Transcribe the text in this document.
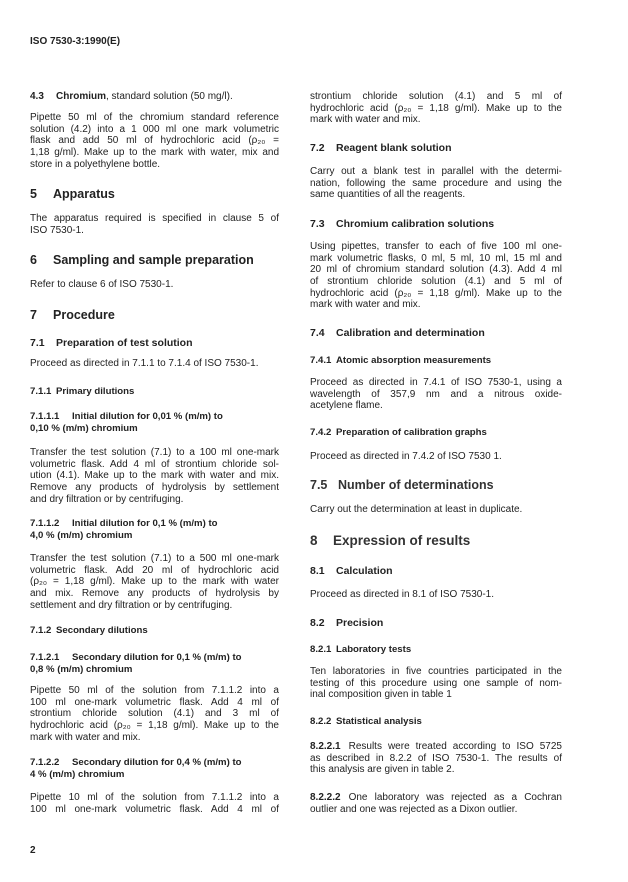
ISO 7530-3:1990(E)
4.3 Chromium, standard solution (50 mg/l).
Pipette 50 ml of the chromium standard reference
solution (4.2) into a 1 000 ml one mark volumetric
flask and add 50 ml of hydrochloric acid (ρ₂₀ =
1,18 g/ml). Make up to the mark with water, mix and
store in a polyethylene bottle.
5 Apparatus
The apparatus required is specified in clause 5 of
ISO 7530-1.
6 Sampling and sample preparation
Refer to clause 6 of ISO 7530-1.
7 Procedure
7.1 Preparation of test solution
Proceed as directed in 7.1.1 to 7.1.4 of ISO 7530-1.
7.1.1 Primary dilutions
7.1.1.1 Initial dilution for 0,01 % (m/m) to
0,10 % (m/m) chromium
Transfer the test solution (7.1) to a 100 ml one-mark
volumetric flask. Add 4 ml of strontium chloride sol-
ution (4.1). Make up to the mark with water and mix.
Remove any products of hydrolysis by settlement
and dry filtration or by centrifuging.
7.1.1.2 Initial dilution for 0,1 % (m/m) to
4,0 % (m/m) chromium
Transfer the test solution (7.1) to a 500 ml one-mark
volumetric flask. Add 20 ml of hydrochloric acid
(ρ₂₀ = 1,18 g/ml). Make up to the mark with water
and mix. Remove any products of hydrolysis by
settlement and dry filtration or by centrifuging.
7.1.2 Secondary dilutions
7.1.2.1 Secondary dilution for 0,1 % (m/m) to
0,8 % (m/m) chromium
Pipette 50 ml of the solution from 7.1.1.2 into a
100 ml one-mark volumetric flask. Add 4 ml of
strontium chloride solution (4.1) and 3 ml of
hydrochloric acid (ρ₂₀ = 1,18 g/ml). Make up to the
mark with water and mix.
7.1.2.2 Secondary dilution for 0,4 % (m/m) to
4 % (m/m) chromium
Pipette 10 ml of the solution from 7.1.1.2 into a
100 ml one-mark volumetric flask. Add 4 ml of
2
strontium chloride solution (4.1) and 5 ml of
hydrochloric acid (ρ₂₀ = 1,18 g/ml). Make up to the
mark with water and mix.
7.2 Reagent blank solution
Carry out a blank test in parallel with the determi-
nation, following the same procedure and using the
same quantities of all the reagents.
7.3 Chromium calibration solutions
Using pipettes, transfer to each of five 100 ml one-
mark volumetric flasks, 0 ml, 5 ml, 10 ml, 15 ml and
20 ml of chromium standard solution (4.3). Add 4 ml
of strontium chloride solution (4.1) and 5 ml of
hydrochloric acid (ρ₂₀ = 1,18 g/ml). Make up to the
mark with water and mix.
7.4 Calibration and determination
7.4.1 Atomic absorption measurements
Proceed as directed in 7.4.1 of ISO 7530-1, using a
wavelength of 357,9 nm and a nitrous oxide-
acetylene flame.
7.4.2 Preparation of calibration graphs
Proceed as directed in 7.4.2 of ISO 7530 1.
7.5 Number of determinations
Carry out the determination at least in duplicate.
8 Expression of results
8.1 Calculation
Proceed as directed in 8.1 of ISO 7530-1.
8.2 Precision
8.2.1 Laboratory tests
Ten laboratories in five countries participated in the
testing of this procedure using one sample of nom-
inal composition given in table 1
8.2.2 Statistical analysis
8.2.2.1 Results were treated according to ISO 5725
as described in 8.2.2 of ISO 7530-1. The results of
this analysis are given in table 2.
8.2.2.2 One laboratory was rejected as a Cochran
outlier and one was rejected as a Dixon outlier.
